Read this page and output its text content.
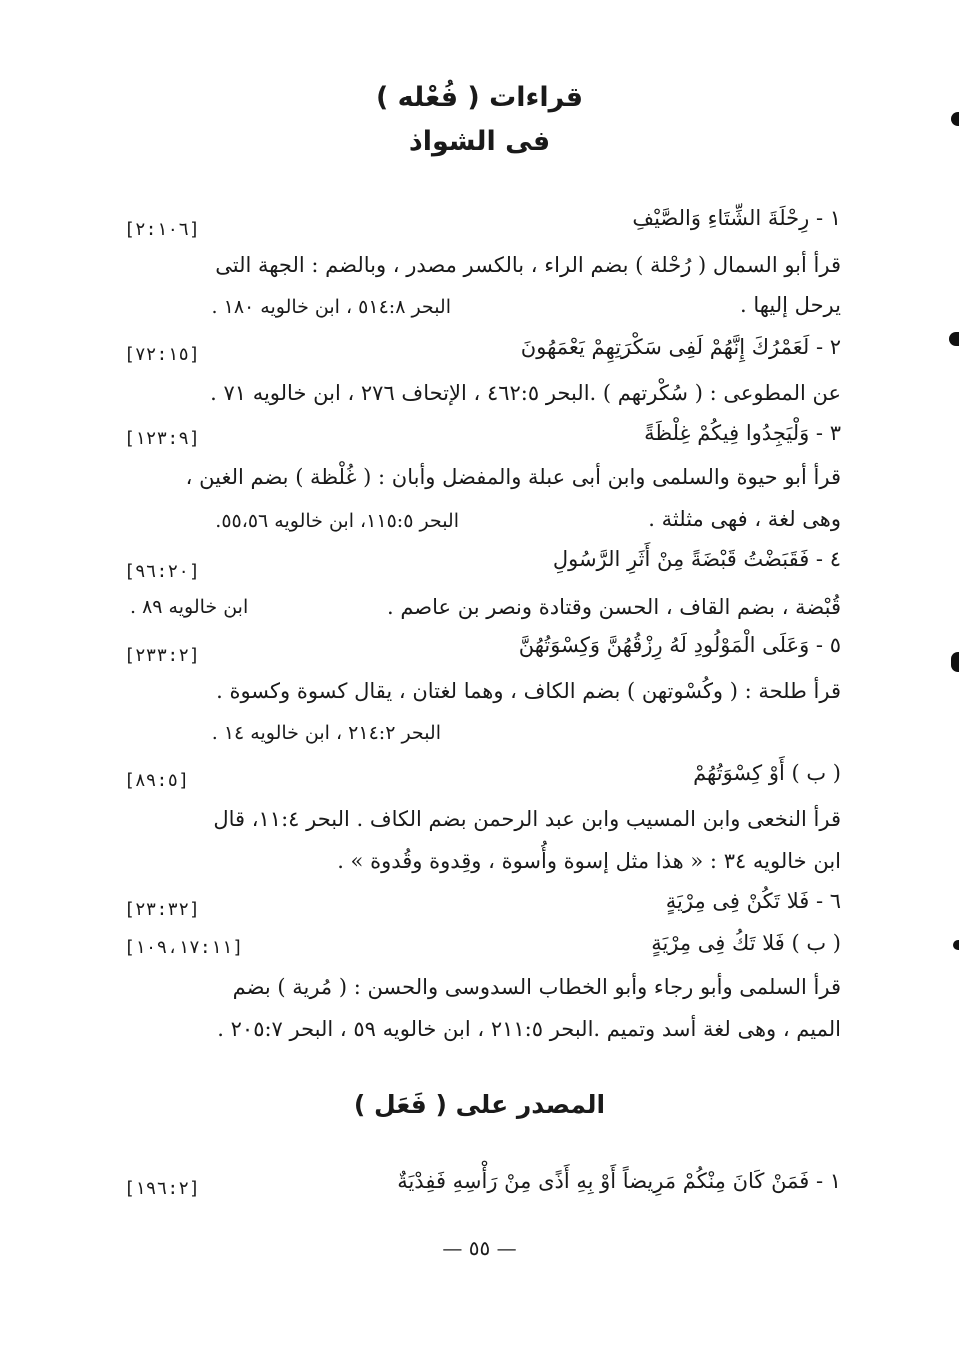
قراءات ( فُعْله )
فى الشواذ
١ - رِحْلَةَ الشِّتَاءِ وَالصَّيْفِ
[٢:١٠٦]
قرأ أبو السمال ( رُحْلة ) بضم الراء ، بالكسر مصدر ، وبالضم : الجهة التى
يرحل إليها .
البحر ٥١٤:٨ ، ابن خالويه ١٨٠ .
٢ - لَعَمْرُكَ إِنَّهُمْ لَفِى سَكْرَتِهِمْ يَعْمَهُونَ
[٧٢:١٥]
عن المطوعى : ( سُكْرتهم ) .البحر ٤٦٢:٥ ، الإتحاف ٢٧٦ ، ابن خالويه ٧١ .
٣ - وَلْيَجِدُوا فِيكُمْ غِلْظَةً
[١٢٣:٩]
قرأ أبو حيوة والسلمى وابن أبى عبلة والمفضل وأبان : ( غُلْظة ) بضم الغين ،
وهى لغة ، فهى مثلثة .
البحر ١١٥:٥، ابن خالويه ٥٥،٥٦.
٤ - فَقَبَضْتُ قَبْضَةً مِنْ أَثَرِ الرَّسُولِ
[٩٦:٢٠]
قُبْضة ، بضم القاف ، الحسن وقتادة ونصر بن عاصم .
ابن خالويه ٨٩ .
٥ - وَعَلَى الْمَوْلُودِ لَهُ رِزْقُهُنَّ وَكِسْوَتُهُنَّ
[٢٣٣:٢]
قرأ طلحة : ( وكُسْوتهن ) بضم الكاف ، وهما لغتان ، يقال كسوة وكسوة .
البحر ٢١٤:٢ ، ابن خالويه ١٤ .
( ب ) أَوْ كِسْوَتُهُمْ
[٨٩:٥]
قرأ النخعى وابن المسيب وابن عبد الرحمن بضم الكاف . البحر ١١:٤، قال
ابن خالويه ٣٤ : « هذا مثل إسوة وأُسوة ، وقِدوة وقُدوة » .
٦ - فَلا تَكُنْ فِى مِرْيَةٍ
[٢٣:٣٢]
( ب ) فَلا تَكُ فِى مِرْيَةٍ
[١٠٩،١٧:١١]
قرأ السلمى وأبو رجاء وأبو الخطاب السدوسى والحسن : ( مُرية ) بضم
الميم ، وهى لغة أسد وتميم .البحر ٢١١:٥ ، ابن خالويه ٥٩ ، البحر ٢٠٥:٧ .
المصدر على ( فَعَل )
١ - فَمَنْ كَانَ مِنْكُمْ مَرِيضاً أَوْ بِهِ أَذًى مِنْ رَأْسِهِ فَفِدْيَةٌ
[١٩٦:٢]
— ٥٥ —
